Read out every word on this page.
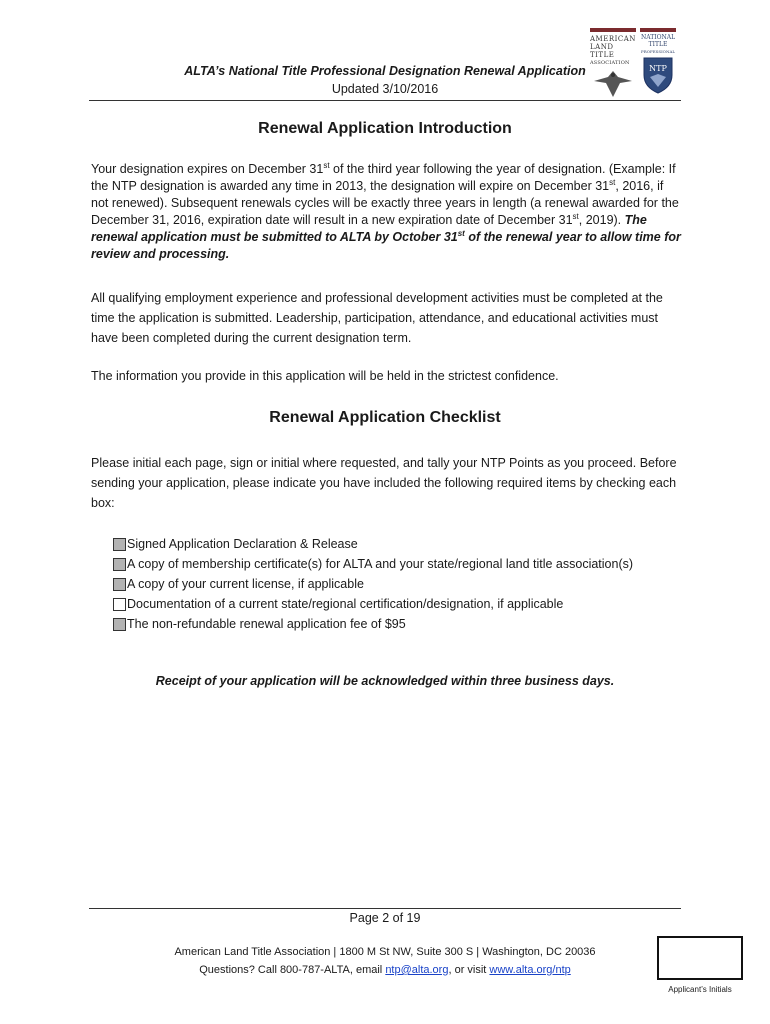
ALTA’s National Title Professional Designation Renewal Application
Updated 3/10/2016
AMERICAN
LAND TITLE
ASSOCIATION
NATIONAL
TITLE
PROFESSIONAL
NTP
Renewal Application Introduction

Your designation expires on December 31st of the third year following the year of designation. (Example: If the NTP designation is awarded any time in 2013, the designation will expire on December 31st, 2016, if not renewed). Subsequent renewals cycles will be exactly three years in length (a renewal awarded for the December 31, 2016, expiration date will result in a new expiration date of December 31st, 2019). The renewal application must be submitted to ALTA by October 31st of the renewal year to allow time for review and processing.

All qualifying employment experience and professional development activities must be completed at the time the application is submitted. Leadership, participation, attendance, and educational activities must have been completed during the current designation term.

The information you provide in this application will be held in the strictest confidence.

Renewal Application Checklist

Please initial each page, sign or initial where requested, and tally your NTP Points as you proceed. Before sending your application, please indicate you have included the following required items by checking each box:

Signed Application Declaration & Release
A copy of membership certificate(s) for ALTA and your state/regional land title association(s)
A copy of your current license, if applicable
Documentation of a current state/regional certification/designation, if applicable
The non-refundable renewal application fee of $95
Receipt of your application will be acknowledged within three business days.
Page 2 of 19
American Land Title Association | 1800 M St NW, Suite 300 S | Washington, DC 20036
Questions? Call 800-787-ALTA, email ntp@alta.org, or visit www.alta.org/ntp
Applicant’s Initials
